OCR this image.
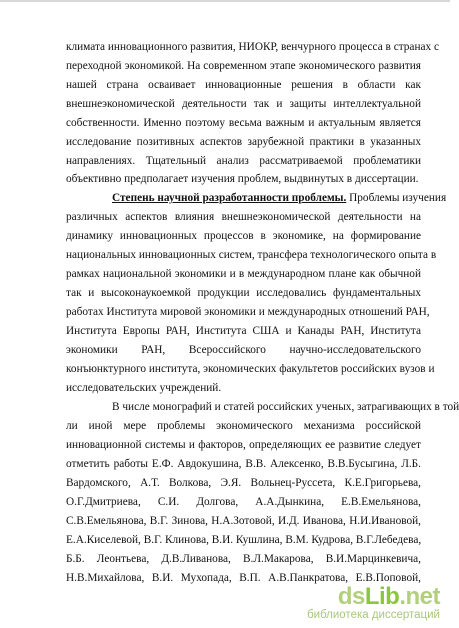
климата инновационного развития, НИОКР, венчурного процесса в странах с
переходной экономикой. На современном этапе экономического развития
нашей страна осваивает инновационные решения в области как
внешнеэкономической деятельности так и защиты интеллектуальной
собственности. Именно поэтому весьма важным и актуальным является
исследование позитивных аспектов зарубежной практики в указанных
направлениях. Тщательный анализ рассматриваемой проблематики
объективно предполагает изучения проблем, выдвинутых в диссертации.
Степень научной разработанности проблемы. Проблемы изучения
различных аспектов влияния внешнеэкономической деятельности на
динамику инновационных процессов в экономике, на формирование
национальных инновационных систем, трансфера технологического опыта в
рамках национальной экономики и в международном плане как обычной
так и высоконаукоемкой продукции исследовались фундаментальных
работах Института мировой экономики и международных отношений РАН,
Института Европы РАН, Института США и Канады РАН, Института
экономики РАН, Всероссийского научно-исследовательского
конъюнктурного института, экономических факультетов российских вузов и
исследовательских учреждений.
В числе монографий и статей российских ученых, затрагивающих в той
ли иной мере проблемы экономического механизма российской
инновационной системы и факторов, определяющих ее развитие следует
отметить работы Е.Ф. Авдокушина, В.В. Алексенко, В.В.Бусыгина, Л.Б.
Вардомского, А.Т. Волкова, Э.Я. Вольнец-Руссета, К.Е.Григорьева,
О.Г.Дмитриева, С.И. Долгова, А.А.Дынкина, Е.В.Емельянова,
С.В.Емельянова, В.Г. Зинова, Н.А.Зотовой, И.Д. Иванова, Н.И.Ивановой,
Е.А.Киселевой, В.Г. Клинова, В.И. Кушлина, В.М. Кудрова, В.Г.Лебедева,
Б.Б. Леонтьева, Д.В.Ливанова, В.Л.Макарова, В.И.Марцинкевича,
Н.В.Михайлова, В.И. Мухопада, В.П. А.В.Панкратова, Е.В.Поповой,
dsLib.net
библиотека диссертаций
